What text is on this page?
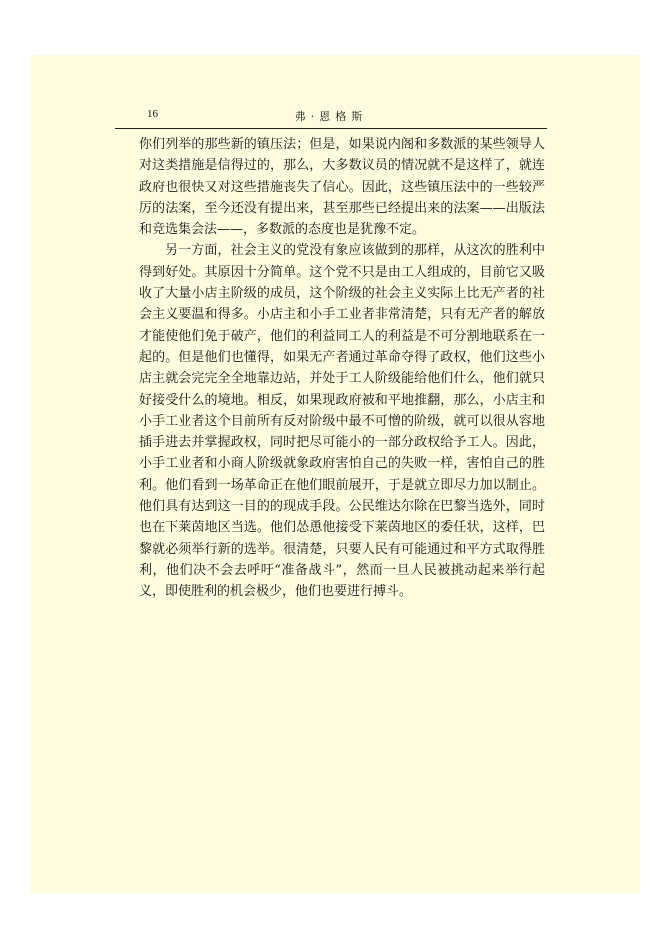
16	弗·恩格斯

你们列举的那些新的镇压法；但是，如果说内阁和多数派的某些领导人对这类措施是信得过的，那么，大多数议员的情况就不是这样了，就连政府也很快又对这些措施丧失了信心。因此，这些镇压法中的一些较严厉的法案，至今还没有提出来，甚至那些已经提出来的法案——出版法和竞选集会法——，多数派的态度也是犹豫不定。

另一方面，社会主义的党没有象应该做到的那样，从这次的胜利中得到好处。其原因十分简单。这个党不只是由工人组成的，目前它又吸收了大量小店主阶级的成员，这个阶级的社会主义实际上比无产者的社会主义要温和得多。小店主和小手工业者非常清楚，只有无产者的解放才能使他们免于破产，他们的利益同工人的利益是不可分割地联系在一起的。但是他们也懂得，如果无产者通过革命夺得了政权，他们这些小店主就会完完全全地靠边站，并处于工人阶级能给他们什么，他们就只好接受什么的境地。相反，如果现政府被和平地推翻，那么，小店主和小手工业者这个目前所有反对阶级中最不可憎的阶级，就可以很从容地插手进去并掌握政权，同时把尽可能小的一部分政权给予工人。因此，小手工业者和小商人阶级就象政府害怕自己的失败一样，害怕自己的胜利。他们看到一场革命正在他们眼前展开，于是就立即尽力加以制止。他们具有达到这一目的的现成手段。公民维达尔除在巴黎当选外，同时也在下莱茵地区当选。他们怂恿他接受下莱茵地区的委任状，这样，巴黎就必须举行新的选举。很清楚，只要人民有可能通过和平方式取得胜利，他们决不会去呼吁“准备战斗”，然而一旦人民被挑动起来举行起义，即使胜利的机会极少，他们也要进行搏斗。
